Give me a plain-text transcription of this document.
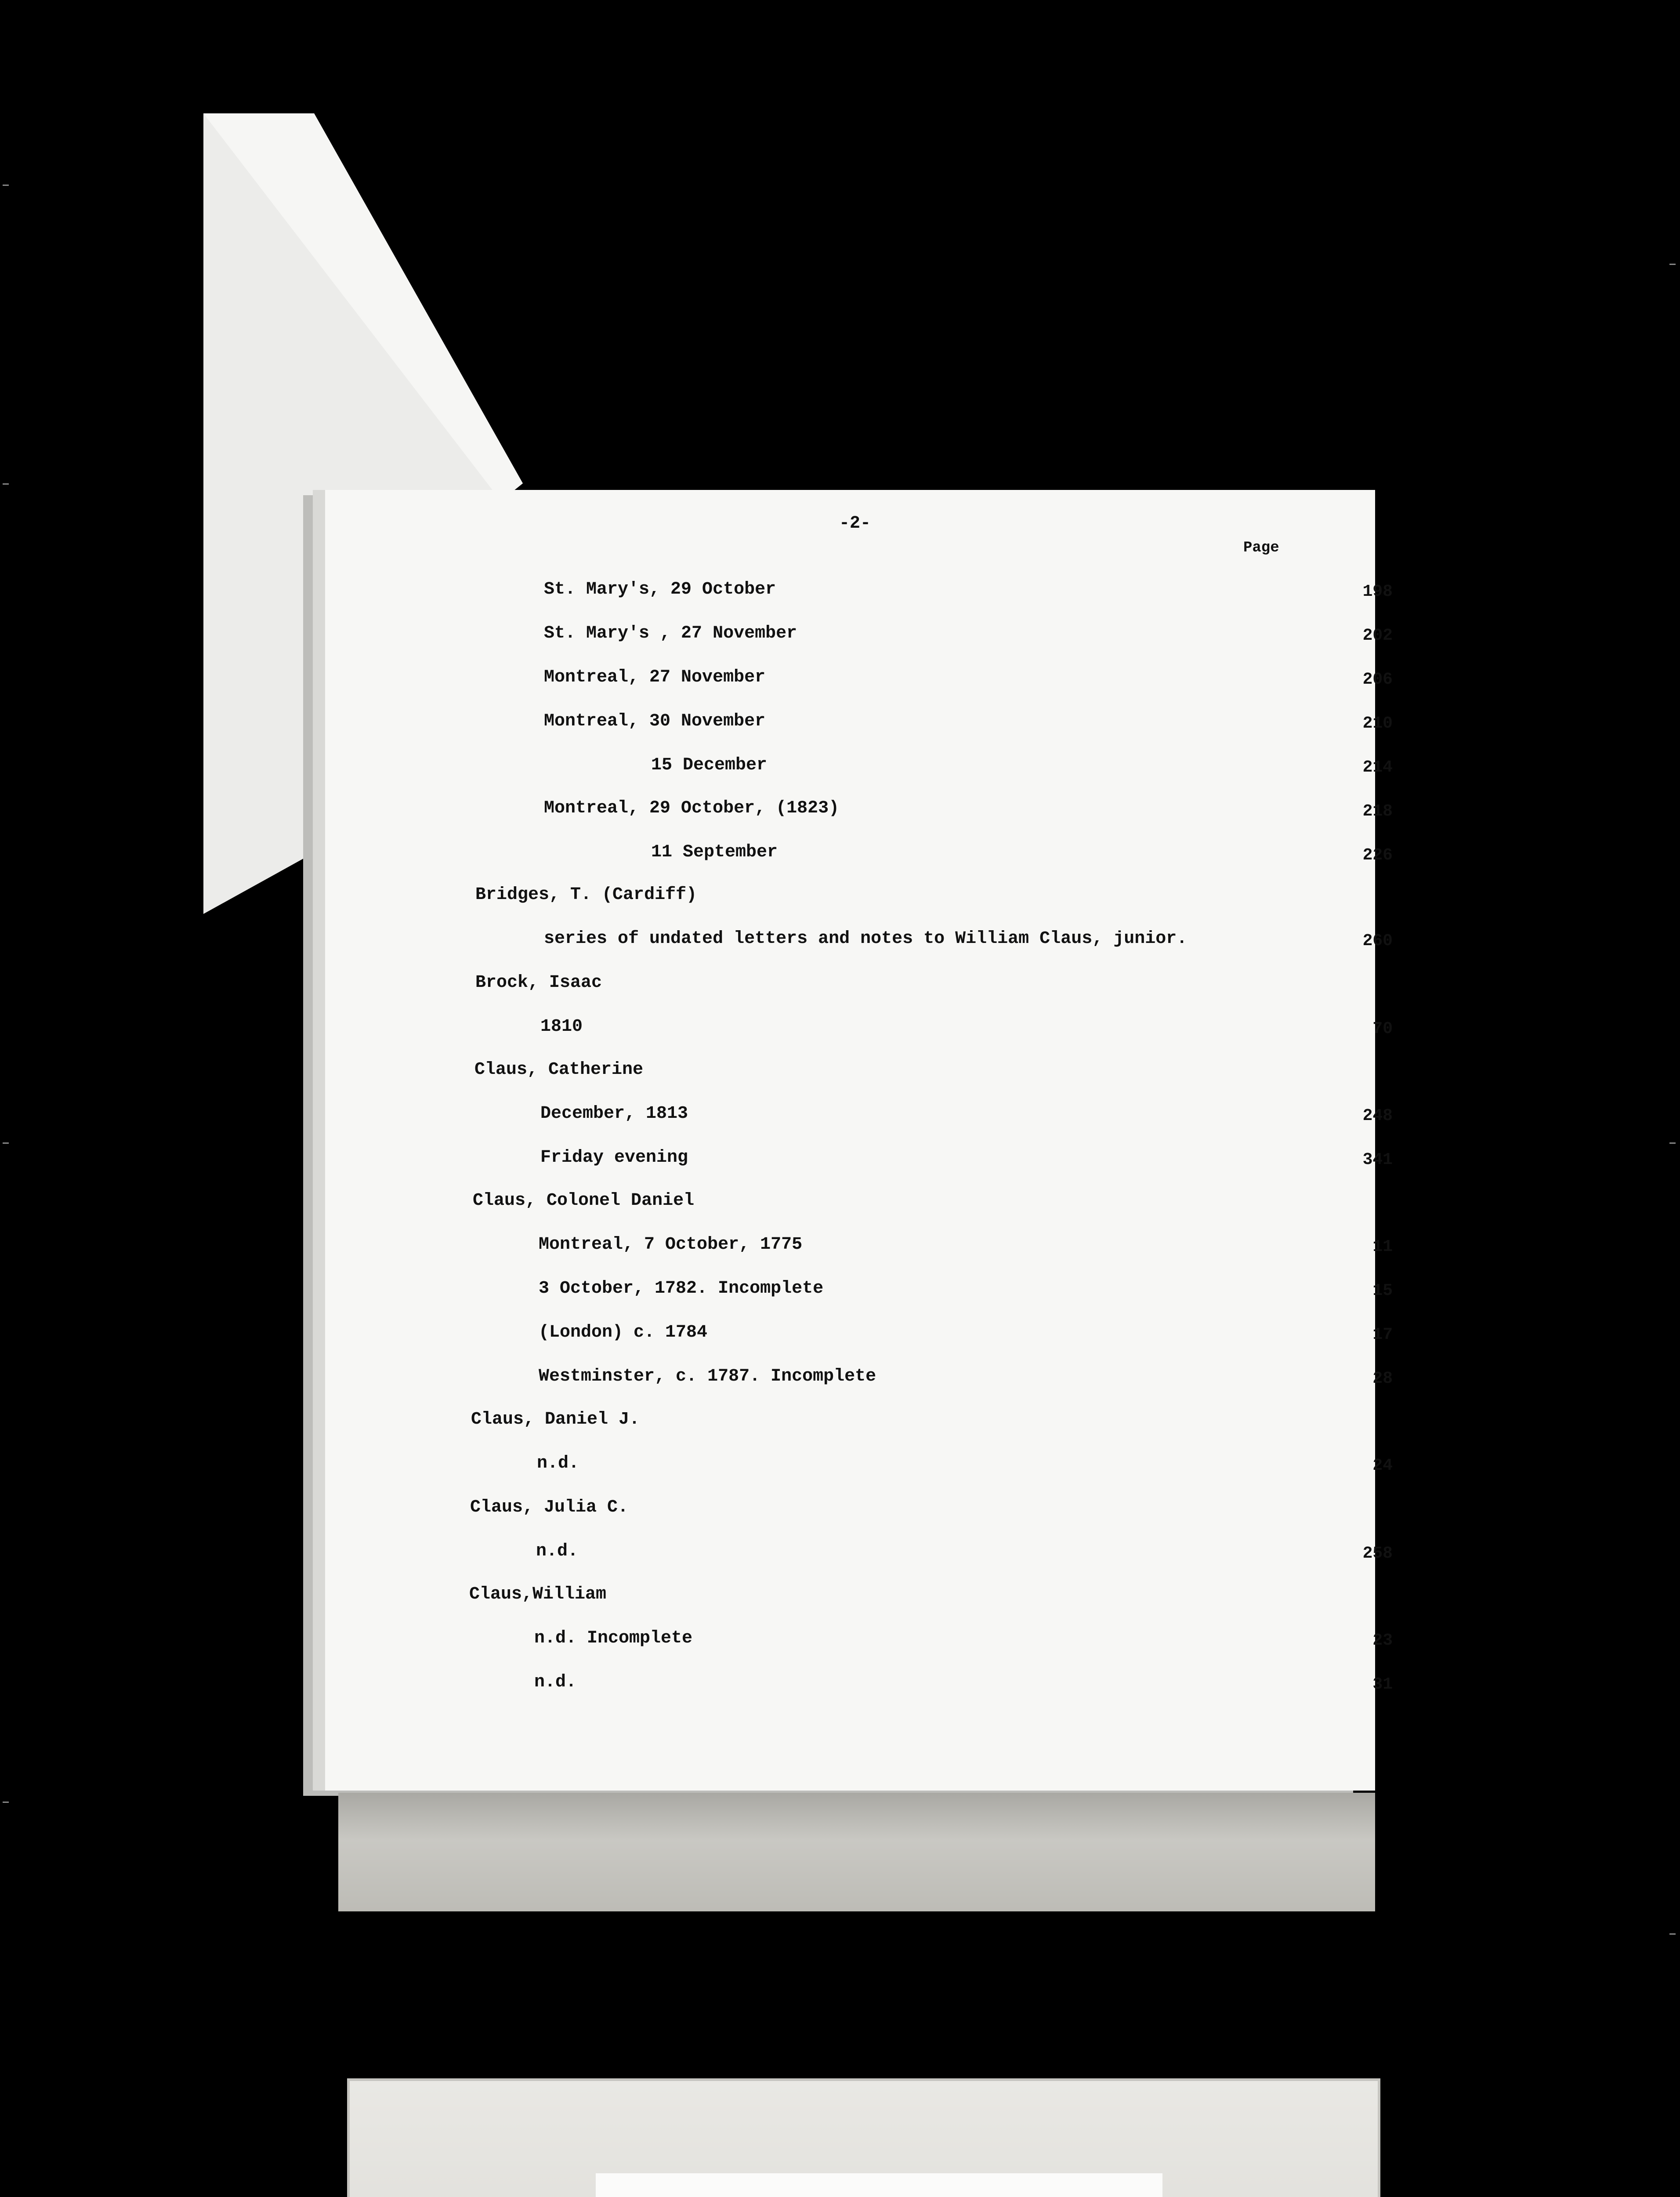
-2-
Page
St. Mary's, 29 October	198
St. Mary's , 27 November	202
Montreal, 27 November	206
Montreal, 30 November	210
15 December	214
Montreal, 29 October, (1823)	218
11 September	226
Bridges, T. (Cardiff)
series of undated letters and notes to William Claus, junior.	260
Brock, Isaac
1810	70
Claus, Catherine
December, 1813	248
Friday evening	341
Claus, Colonel Daniel
Montreal, 7 October, 1775	11
3 October, 1782. Incomplete	15
(London) c. 1784	17
Westminster, c. 1787. Incomplete	28
Claus, Daniel J.
n.d.	24
Claus, Julia C.
n.d.	258
Claus,William
n.d. Incomplete	23
n.d.	31
